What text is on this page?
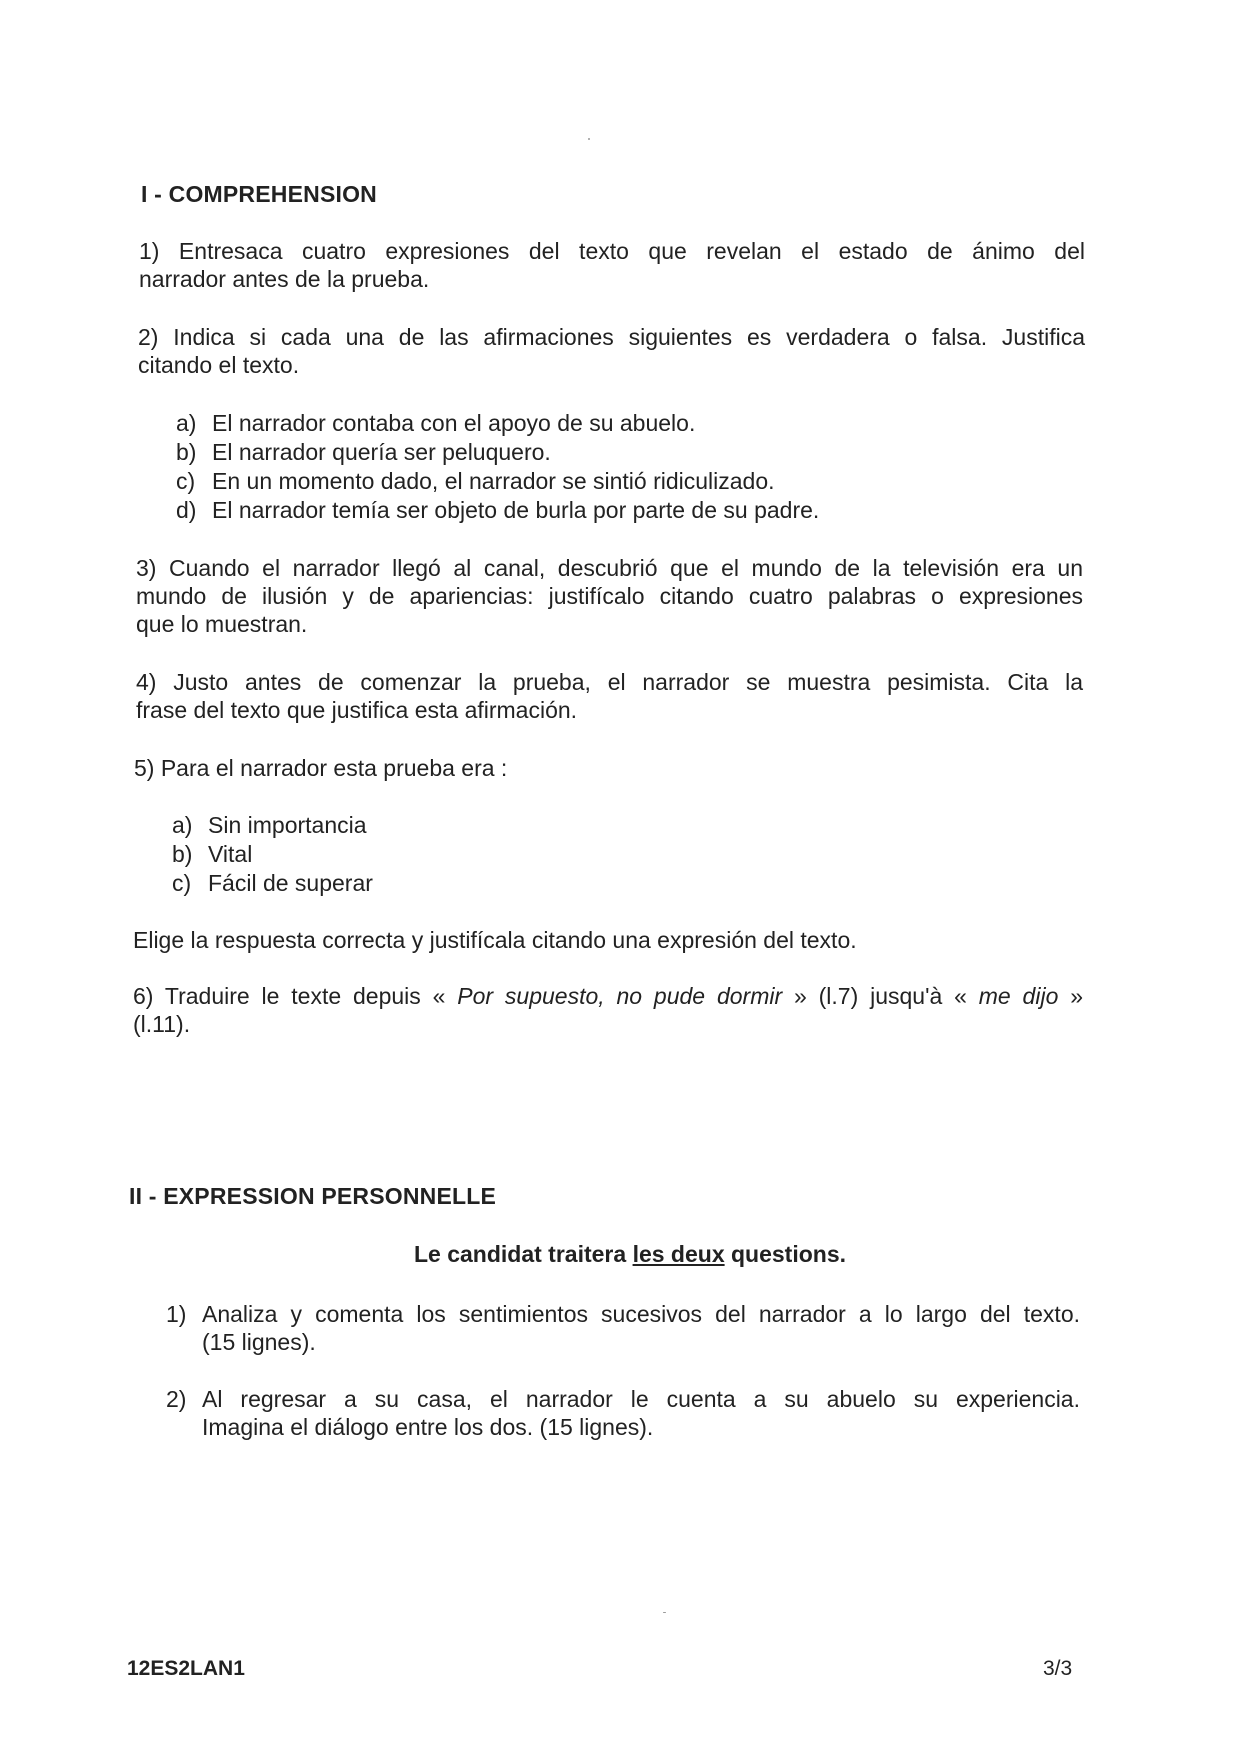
I - COMPREHENSION
1) Entresaca cuatro expresiones del texto que revelan el estado de ánimo del
narrador antes de la prueba.
2) Indica si cada una de las afirmaciones siguientes es verdadera o falsa. Justifica
citando el texto.
a) El narrador contaba con el apoyo de su abuelo.
b) El narrador quería ser peluquero.
c) En un momento dado, el narrador se sintió ridiculizado.
d) El narrador temía ser objeto de burla por parte de su padre.
3) Cuando el narrador llegó al canal, descubrió que el mundo de la televisión era un
mundo de ilusión y de apariencias: justifícalo citando cuatro palabras o expresiones
que lo muestran.
4) Justo antes de comenzar la prueba, el narrador se muestra pesimista. Cita la
frase del texto que justifica esta afirmación.
5) Para el narrador esta prueba era :
a) Sin importancia
b) Vital
c) Fácil de superar
Elige la respuesta correcta y justifícala citando una expresión del texto.
6) Traduire le texte depuis « Por supuesto, no pude dormir » (l.7) jusqu'à « me dijo »
(l.11).
II - EXPRESSION PERSONNELLE
Le candidat traitera les deux questions.
1) Analiza y comenta los sentimientos sucesivos del narrador a lo largo del texto.
(15 lignes).
2) Al regresar a su casa, el narrador le cuenta a su abuelo su experiencia.
Imagina el diálogo entre los dos. (15 lignes).
12ES2LAN1	3/3
